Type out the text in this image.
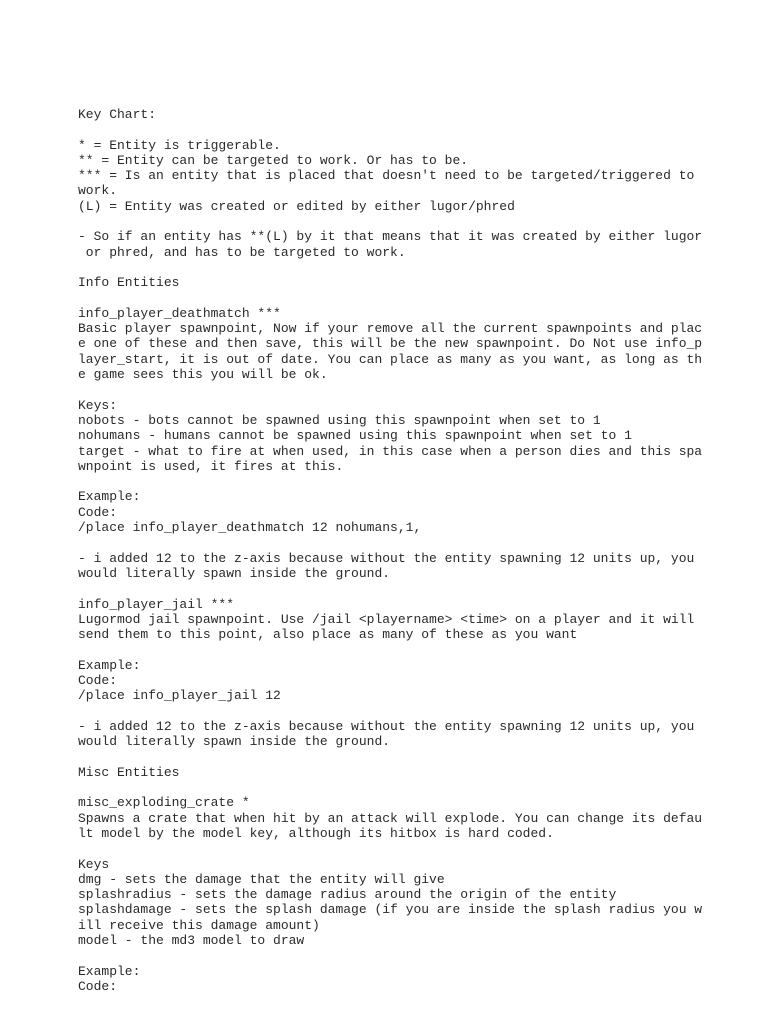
Key Chart:

* = Entity is triggerable.
** = Entity can be targeted to work. Or has to be.
*** = Is an entity that is placed that doesn't need to be targeted/triggered to
work.
(L) = Entity was created or edited by either lugor/phred

- So if an entity has **(L) by it that means that it was created by either lugor
or phred, and has to be targeted to work.

Info Entities

info_player_deathmatch ***
Basic player spawnpoint, Now if your remove all the current spawnpoints and plac
e one of these and then save, this will be the new spawnpoint. Do Not use info_p
layer_start, it is out of date. You can place as many as you want, as long as th
e game sees this you will be ok.

Keys:
nobots - bots cannot be spawned using this spawnpoint when set to 1
nohumans - humans cannot be spawned using this spawnpoint when set to 1
target - what to fire at when used, in this case when a person dies and this spa
wnpoint is used, it fires at this.

Example:
Code:
/place info_player_deathmatch 12 nohumans,1,

- i added 12 to the z-axis because without the entity spawning 12 units up, you
would literally spawn inside the ground.

info_player_jail ***
Lugormod jail spawnpoint. Use /jail <playername> <time> on a player and it will
send them to this point, also place as many of these as you want

Example:
Code:
/place info_player_jail 12

- i added 12 to the z-axis because without the entity spawning 12 units up, you
would literally spawn inside the ground.

Misc Entities

misc_exploding_crate *
Spawns a crate that when hit by an attack will explode. You can change its defau
lt model by the model key, although its hitbox is hard coded.

Keys
dmg - sets the damage that the entity will give
splashradius - sets the damage radius around the origin of the entity
splashdamage - sets the splash damage (if you are inside the splash radius you w
ill receive this damage amount)
model - the md3 model to draw

Example:
Code:
